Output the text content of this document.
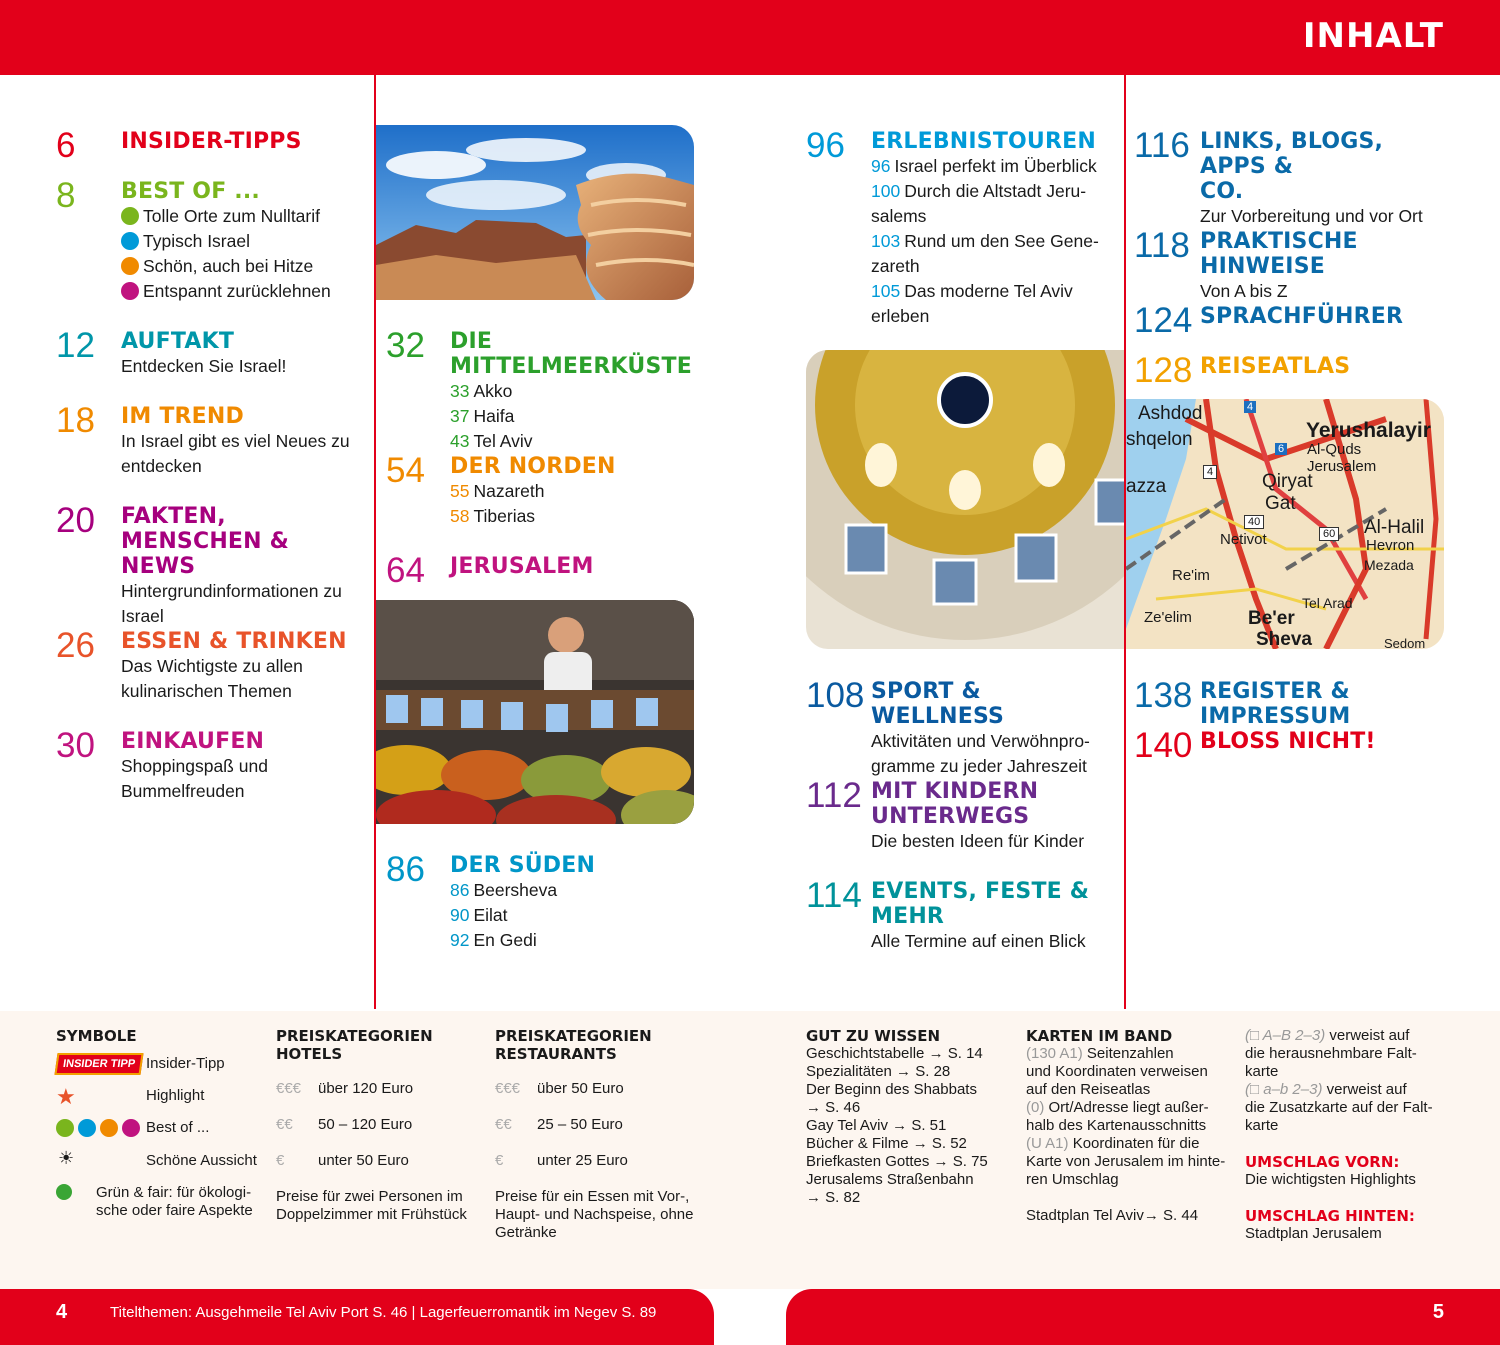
INHALT
Ashdod
shqelon
azza
Yerushalayir
Al-Quds
Jerusalem
Qiryat
Gat
Al-Halil
Hevron
Mezada
Netivot
Re'im
Ze'elim	Be'er
Sheva
Tel Arad
Sedom
4
6
4
40
60
6 INSIDER-TIPPS
8 BEST OF ...
Tolle Orte zum Nulltarif
Typisch Israel
Schön, auch bei Hitze
Entspannt zurücklehnen
12 AUFTAKT
Entdecken Sie Israel!
18 IM TREND
In Israel gibt es viel Neues zu
entdecken
20 FAKTEN,
MENSCHEN & NEWS
Hintergrundinformationen zu
Israel
26 ESSEN & TRINKEN
Das Wichtigste zu allen
kulinarischen Themen
30 EINKAUFEN
Shoppingspaß und
Bummelfreuden
32 DIE MITTELMEERKÜSTE
33 Akko
37 Haifa
43 Tel Aviv
54 DER NORDEN
55 Nazareth
58 Tiberias
64 JERUSALEM
86 DER SÜDEN
86 Beersheva
90 Eilat
92 En Gedi
96 ERLEBNISTOUREN
96 Israel perfekt im Überblick
100 Durch die Altstadt Jeru-
salems
103 Rund um den See Gene-
zareth
105 Das moderne Tel Aviv
erleben
108 SPORT & WELLNESS
Aktivitäten und Verwöhnpro-
gramme zu jeder Jahreszeit
112 MIT KINDERN
UNTERWEGS
Die besten Ideen für Kinder
114 EVENTS, FESTE & MEHR
Alle Termine auf einen Blick
116 LINKS, BLOGS, APPS &
CO.
Zur Vorbereitung und vor Ort
118 PRAKTISCHE HINWEISE
Von A bis Z
124 SPRACHFÜHRER
128 REISEATLAS
138 REGISTER & IMPRESSUM
140 BLOSS NICHT!
SYMBOLE
INSIDER TIPP Insider-Tipp
★	Highlight
Best of ...
☀	Schöne Aussicht
Grün & fair: für ökologi-
sche oder faire Aspekte
PREISKATEGORIEN
HOTELS
€€€ über 120 Euro
€€ 50 – 120 Euro
€ unter 50 Euro
Preise für zwei Personen im
Doppelzimmer mit Frühstück
PREISKATEGORIEN
RESTAURANTS
€€€ über 50 Euro
€€ 25 – 50 Euro
€ unter 25 Euro
Preise für ein Essen mit Vor-,
Haupt- und Nachspeise, ohne
Getränke
GUT ZU WISSEN
Geschichtstabelle → S. 14
Spezialitäten → S. 28
Der Beginn des Shabbats
→ S. 46
Gay Tel Aviv → S. 51
Bücher & Filme → S. 52
Briefkasten Gottes → S. 75
Jerusalems Straßenbahn
→ S. 82
KARTEN IM BAND
(130 A1) Seitenzahlen
und Koordinaten verweisen
auf den Reiseatlas
(0) Ort/Adresse liegt außer-
halb des Kartenausschnitts
(U A1) Koordinaten für die
Karte von Jerusalem im hinte-
ren Umschlag
Stadtplan Tel Aviv→ S. 44
(□ A–B 2–3) verweist auf
die herausnehmbare Falt-
karte
(□ a–b 2–3) verweist auf
die Zusatzkarte auf der Falt-
karte
UMSCHLAG VORN:
Die wichtigsten Highlights
UMSCHLAG HINTEN:
Stadtplan Jerusalem
4	Titelthemen: Ausgehmeile Tel Aviv Port S. 46 | Lagerfeuerromantik im Negev S. 89	5
